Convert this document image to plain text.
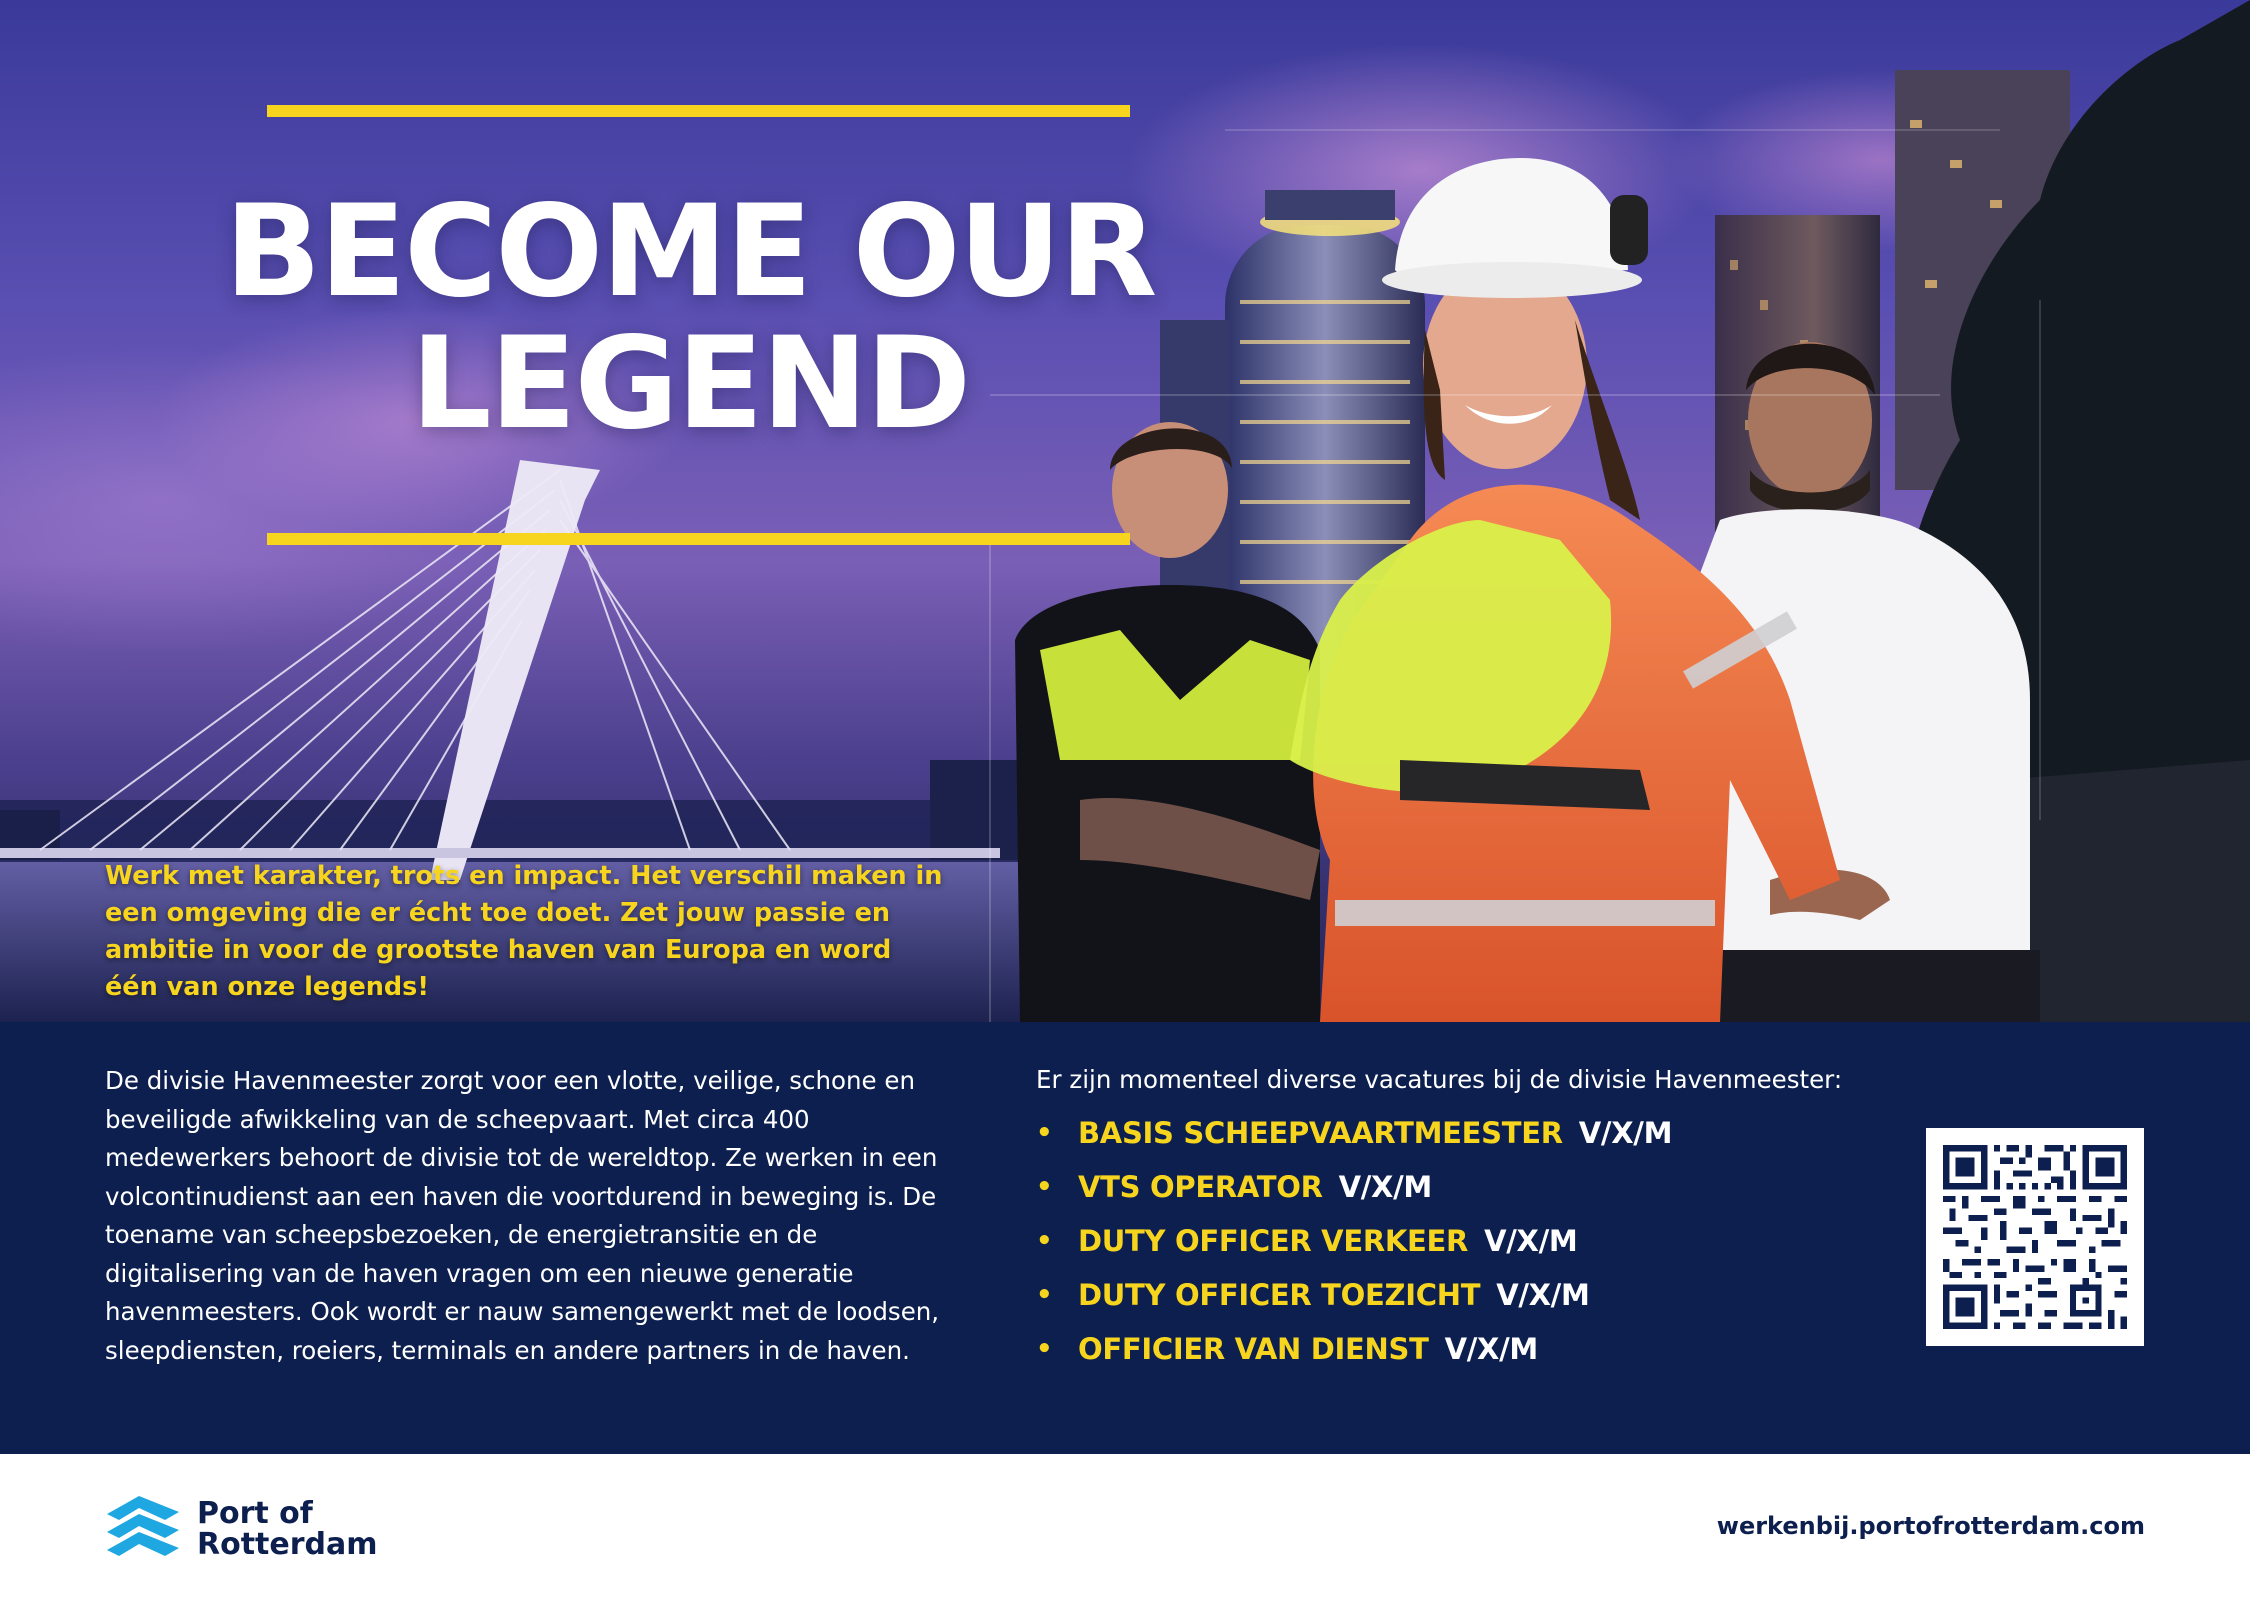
BECOME OUR
LEGEND

Werk met karakter, trots en impact. Het verschil maken in een omgeving die er écht toe doet. Zet jouw passie en ambitie in voor de grootste haven van Europa en word één van onze legends!

De divisie Havenmeester zorgt voor een vlotte, veilige, schone en beveiligde afwikkeling van de scheepvaart. Met circa 400 medewerkers behoort de divisie tot de wereldtop. Ze werken in een volcontinudienst aan een haven die voortdurend in beweging is. De toename van scheepsbezoeken, de energietransitie en de digitalisering van de haven vragen om een nieuwe generatie havenmeesters. Ook wordt er nauw samengewerkt met de loodsen, sleepdiensten, roeiers, terminals en andere partners in de haven.

Er zijn momenteel diverse vacatures bij de divisie Havenmeester:

• BASIS SCHEEPVAARTMEESTER V/X/M
• VTS OPERATOR V/X/M
• DUTY OFFICER VERKEER V/X/M
• DUTY OFFICER TOEZICHT V/X/M
• OFFICIER VAN DIENST V/X/M
Port of
Rotterdam
werkenbij.portofrotterdam.com
